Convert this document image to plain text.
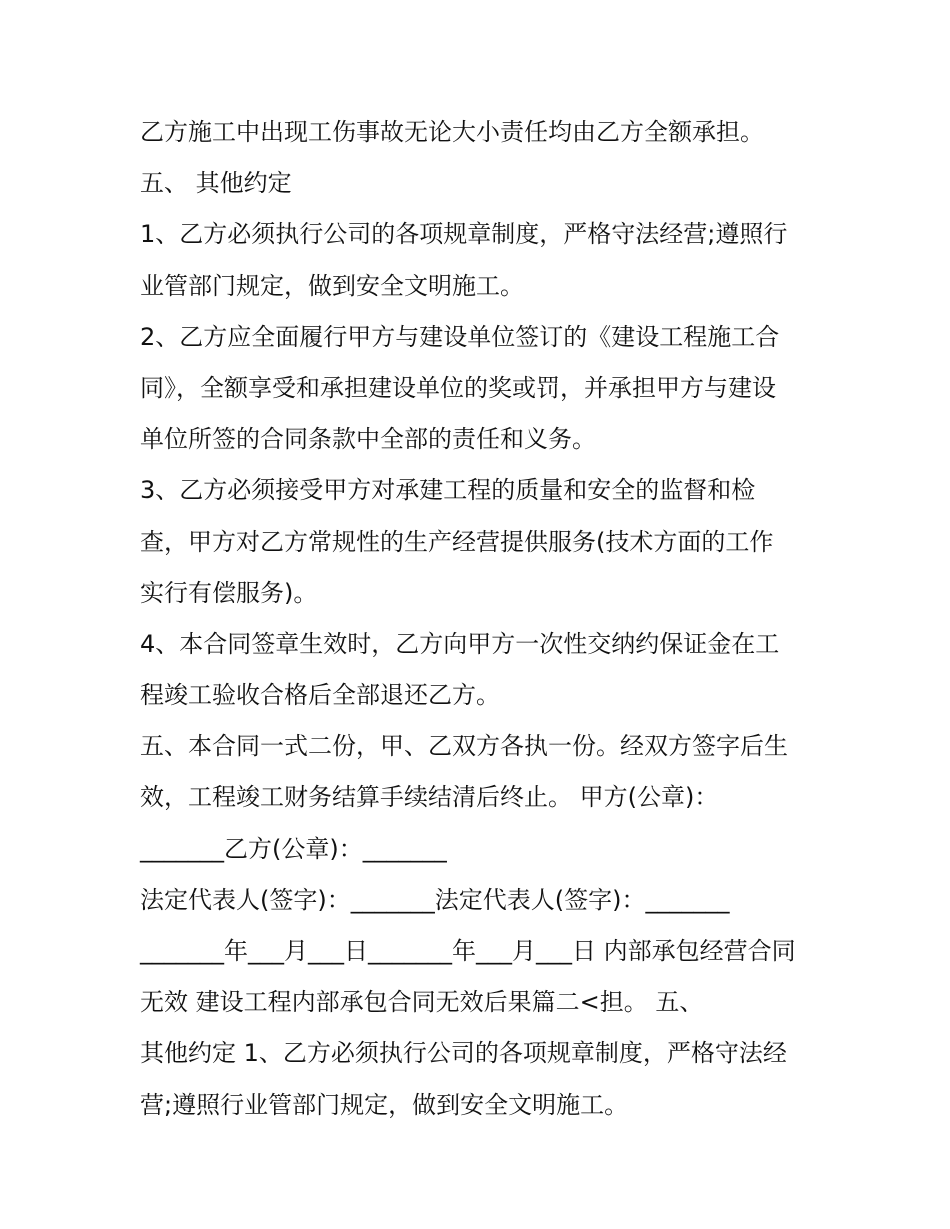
乙方施工中出现工伤事故无论大小责任均由乙方全额承担。
五、 其他约定
1、乙方必须执行公司的各项规章制度，严格守法经营;遵照行
业管部门规定，做到安全文明施工。
2、乙方应全面履行甲方与建设单位签订的《建设工程施工合
同》，全额享受和承担建设单位的奖或罚，并承担甲方与建设
单位所签的合同条款中全部的责任和义务。
3、乙方必须接受甲方对承建工程的质量和安全的监督和检
查，甲方对乙方常规性的生产经营提供服务(技术方面的工作
实行有偿服务)。
4、本合同签章生效时，乙方向甲方一次性交纳约保证金在工
程竣工验收合格后全部退还乙方。
五、本合同一式二份，甲、乙双方各执一份。经双方签字后生
效，工程竣工财务结算手续结清后终止。 甲方(公章)：
_______乙方(公章)：_______
法定代表人(签字)：_______法定代表人(签字)：_______
_______年___月___日_______年___月___日 内部承包经营合同
无效 建设工程内部承包合同无效后果篇二<担。 五、
其他约定 1、乙方必须执行公司的各项规章制度，严格守法经
营;遵照行业管部门规定，做到安全文明施工。
